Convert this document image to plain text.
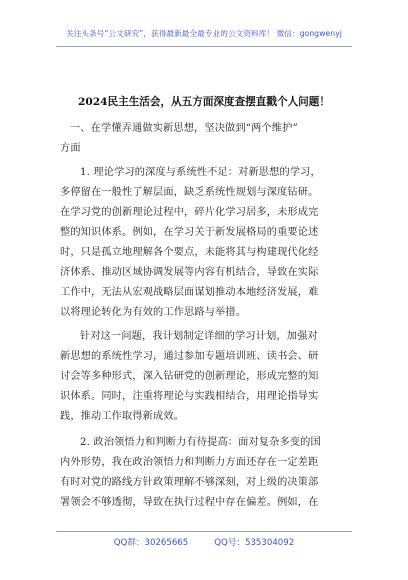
关注头条号“公文研究”，获得最新最全最专业的公文资料库！ 微信：gongwenyj
2024民主生活会，从五方面深度查摆直戳个人问题！
一、在学懂弄通做实新思想，坚决做到“两个维护”
方面
1. 理论学习的深度与系统性不足：对新思想的学习，
多停留在一般性了解层面，缺乏系统性规划与深度钻研。
在学习党的创新理论过程中，碎片化学习居多，未形成完
整的知识体系。例如，在学习关于新发展格局的重要论述
时，只是孤立地理解各个要点，未能将其与构建现代化经
济体系、推动区域协调发展等内容有机结合，导致在实际
工作中，无法从宏观战略层面谋划推动本地经济发展，难
以将理论转化为有效的工作思路与举措。
针对这一问题，我计划制定详细的学习计划，加强对
新思想的系统性学习，通过参加专题培训班、读书会、研
讨会等多种形式，深入钻研党的创新理论，形成完整的知
识体系。同时，注重将理论与实践相结合，用理论指导实
践，推动工作取得新成效。
2. 政治领悟力和判断力有待提高：面对复杂多变的国
内外形势，我在政治领悟力和判断力方面还存在一定差距
有时对党的路线方针政策理解不够深刻，对上级的决策部
署领会不够透彻，导致在执行过程中存在偏差。例如，在
QQ群：30265665	QQ号：535304092
